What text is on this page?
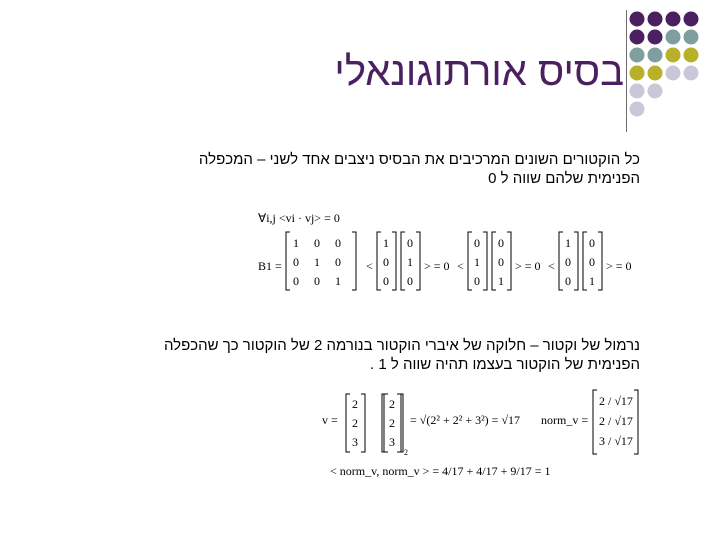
בסיס אורתוגונאלי
כל הוקטורים השונים המרכיבים את הבסיס ניצבים אחד לשני – המכפלה
הפנימית שלהם שווה ל 0
נרמול של וקטור – חלוקה של איברי הוקטור בנורמה 2 של הוקטור כך שהכפלה
הפנימית של הוקטור בעצמו תהיה שווה ל 1 .
∀i,j <vi · vj> = 0
B1 =
1 0 0
0 1 0
0 0 1
<
1
0
0
0
1
0
> = 0 <
0
1
0
0
0
1
> = 0 <
1
0
0
0
0
1
> = 0
v =
2
2
3
2
2
3
2
= √(2² + 2² + 3²) = √17 norm_v =
2 / √17
2 / √17
3 / √17
< norm_v, norm_v > = 4/17 + 4/17 + 9/17 = 1
